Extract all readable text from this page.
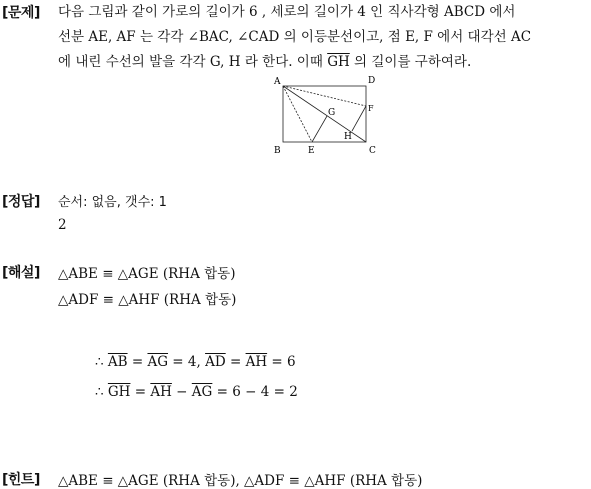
[문제] 다음 그림과 같이 가로의 길이가 6 , 세로의 길이가 4 인 직사각형 ABCD 에서
선분 AE, AF 는 각각 ∠BAC, ∠CAD 의 이등분선이고, 점 E, F 에서 대각선 AC
에 내린 수선의 발을 각각 G, H 라 한다. 이때 $\overline{GH}$ 의 길이를 구하여라.
A	D
B	C
E
F
G
H
[정답] 순서: 없음, 갯수: 1
2
[해설] △ABE ≡ △AGE (RHA 합동)
△ADF ≡ △AHF (RHA 합동)
∴ $\overline{AB} = \overline{AG} = 4$, $\overline{AD} = \overline{AH} = 6$
∴ $\overline{GH} = \overline{AH} - \overline{AG} = 6 - 4 = 2$
[힌트] △ABE ≡ △AGE (RHA 합동), △ADF ≡ △AHF (RHA 합동)
